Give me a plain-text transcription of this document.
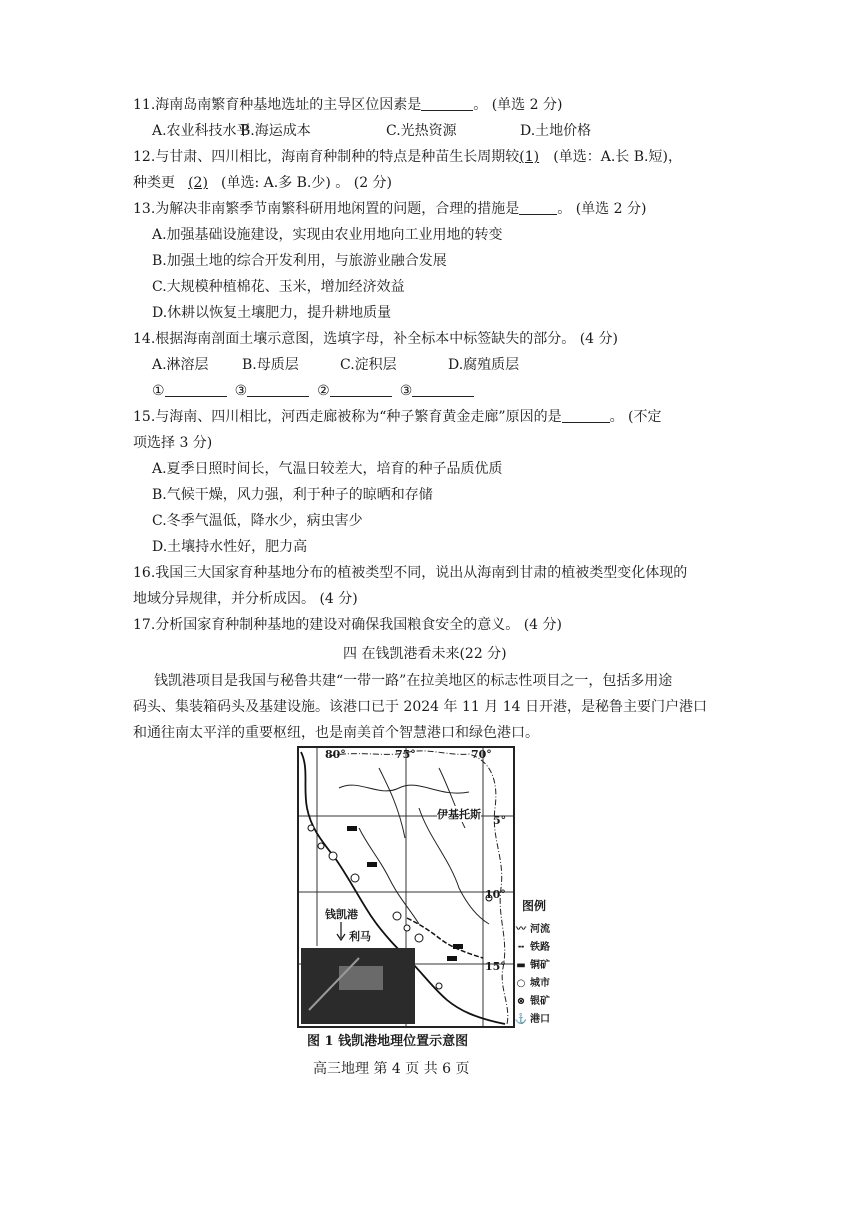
11.海南岛南繁育种基地选址的主导区位因素是	。 (单选 2 分)
A.农业科技水平B.海运成本	C.光热资源	D.土地价格
12.与甘肃、四川相比，海南育种制种的特点是种苗生长周期较(1) (单选：A.长 B.短)，
种类更 (2) (单选: A.多 B.少) 。 (2 分)
13.为解决非南繁季节南繁科研用地闲置的问题，合理的措施是	。 (单选 2 分)
A.加强基础设施建设，实现由农业用地向工业用地的转变
B.加强土地的综合开发利用，与旅游业融合发展
C.大规模种植棉花、玉米，增加经济效益
D.休耕以恢复土壤肥力，提升耕地质量
14.根据海南剖面土壤示意图，选填字母，补全标本中标签缺失的部分。 (4 分)
A.淋溶层 B.母质层	C.淀积层	D.腐殖质层
①	③	②	③
15.与海南、四川相比，河西走廊被称为“种子繁育黄金走廊”原因的是	。 (不定
项选择 3 分)
A.夏季日照时间长，气温日较差大，培育的种子品质优质
B.气候干燥，风力强，利于种子的晾晒和存储
C.冬季气温低，降水少，病虫害少
D.土壤持水性好，肥力高
16.我国三大国家育种基地分布的植被类型不同，说出从海南到甘肃的植被类型变化体现的
地域分异规律，并分析成因。 (4 分)
17.分析国家育种制种基地的建设对确保我国粮食安全的意义。 (4 分)
四 在钱凯港看未来(22 分)
钱凯港项目是我国与秘鲁共建“一带一路”在拉美地区的标志性项目之一，包括多用途
码头、集装箱码头及基建设施。该港口已于 2024 年 11 月 14 日开港，是秘鲁主要门户港口
和通往南太平洋的重要枢纽，也是南美首个智慧港口和绿色港口。
80°	75°	70°
5°
10°
15°
伊基托斯
钱凯港
利马
图例
〰 河流
╍ 铁路
▬ 铜矿
○ 城市
⊗ 银矿
⚓ 港口
图 1 钱凯港地理位置示意图
高三地理 第 4 页 共 6 页
